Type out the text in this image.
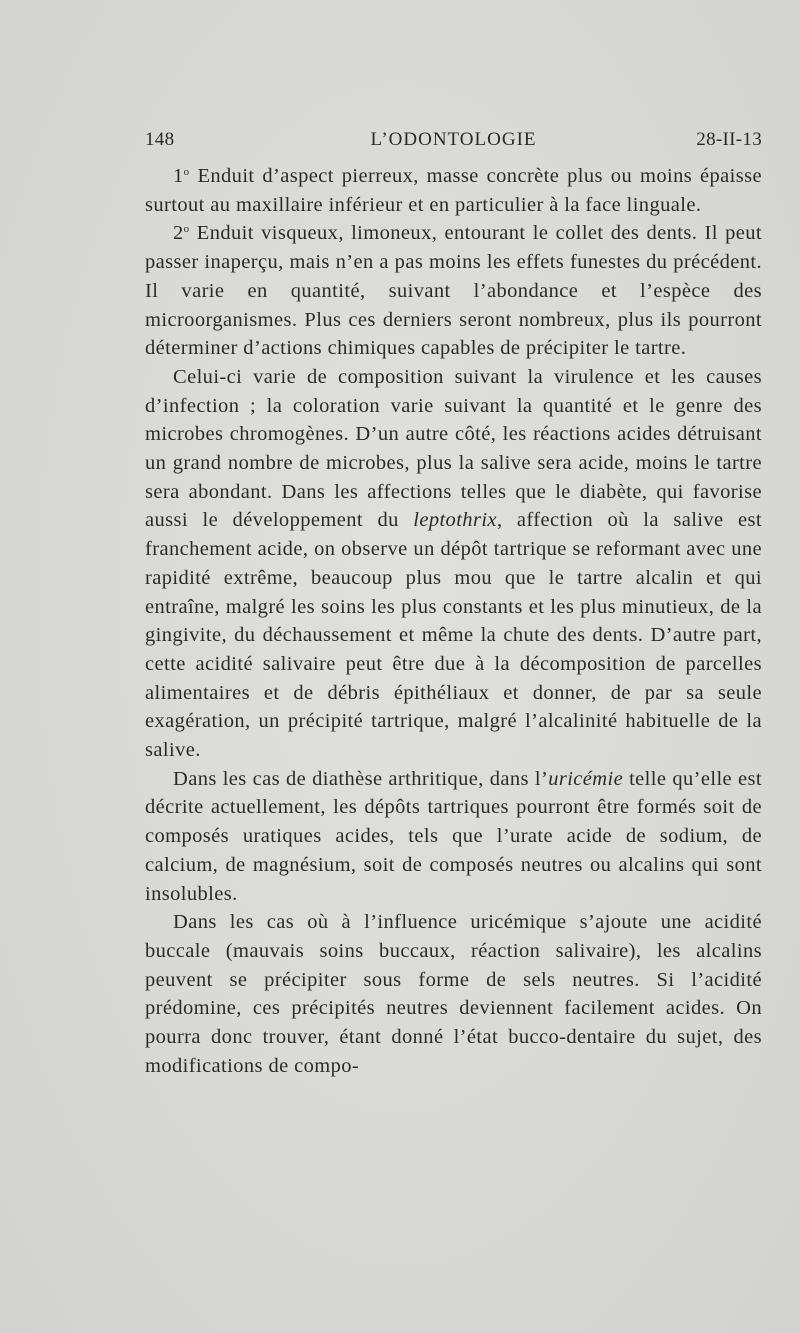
148	L’ODONTOLOGIE	28-II-13

1$^o$ Enduit d’aspect pierreux, masse concrète plus ou moins épaisse surtout au maxillaire inférieur et en particulier à la face linguale.

2$^o$ Enduit visqueux, limoneux, entourant le collet des dents. Il peut passer inaperçu, mais n’en a pas moins les effets funestes du précédent. Il varie en quantité, suivant l’abondance et l’espèce des microorganismes. Plus ces derniers seront nombreux, plus ils pourront déterminer d’actions chimiques capables de précipiter le tartre.

Celui-ci varie de composition suivant la virulence et les causes d’infection ; la coloration varie suivant la quantité et le genre des microbes chromogènes. D’un autre côté, les réactions acides détruisant un grand nombre de microbes, plus la salive sera acide, moins le tartre sera abondant. Dans les affections telles que le diabète, qui favorise aussi le développement du leptothrix, affection où la salive est franchement acide, on observe un dépôt tartrique se reformant avec une rapidité extrême, beaucoup plus mou que le tartre alcalin et qui entraîne, malgré les soins les plus constants et les plus minutieux, de la gingivite, du déchaussement et même la chute des dents. D’autre part, cette acidité salivaire peut être due à la décomposition de parcelles alimentaires et de débris épithéliaux et donner, de par sa seule exagération, un précipité tartrique, malgré l’alcalinité habituelle de la salive.

Dans les cas de diathèse arthritique, dans l’uricémie telle qu’elle est décrite actuellement, les dépôts tartriques pourront être formés soit de composés uratiques acides, tels que l’urate acide de sodium, de calcium, de magnésium, soit de composés neutres ou alcalins qui sont insolubles.

Dans les cas où à l’influence uricémique s’ajoute une acidité buccale (mauvais soins buccaux, réaction salivaire), les alcalins peuvent se précipiter sous forme de sels neutres. Si l’acidité prédomine, ces précipités neutres deviennent facilement acides. On pourra donc trouver, étant donné l’état bucco-dentaire du sujet, des modifications de compo-
